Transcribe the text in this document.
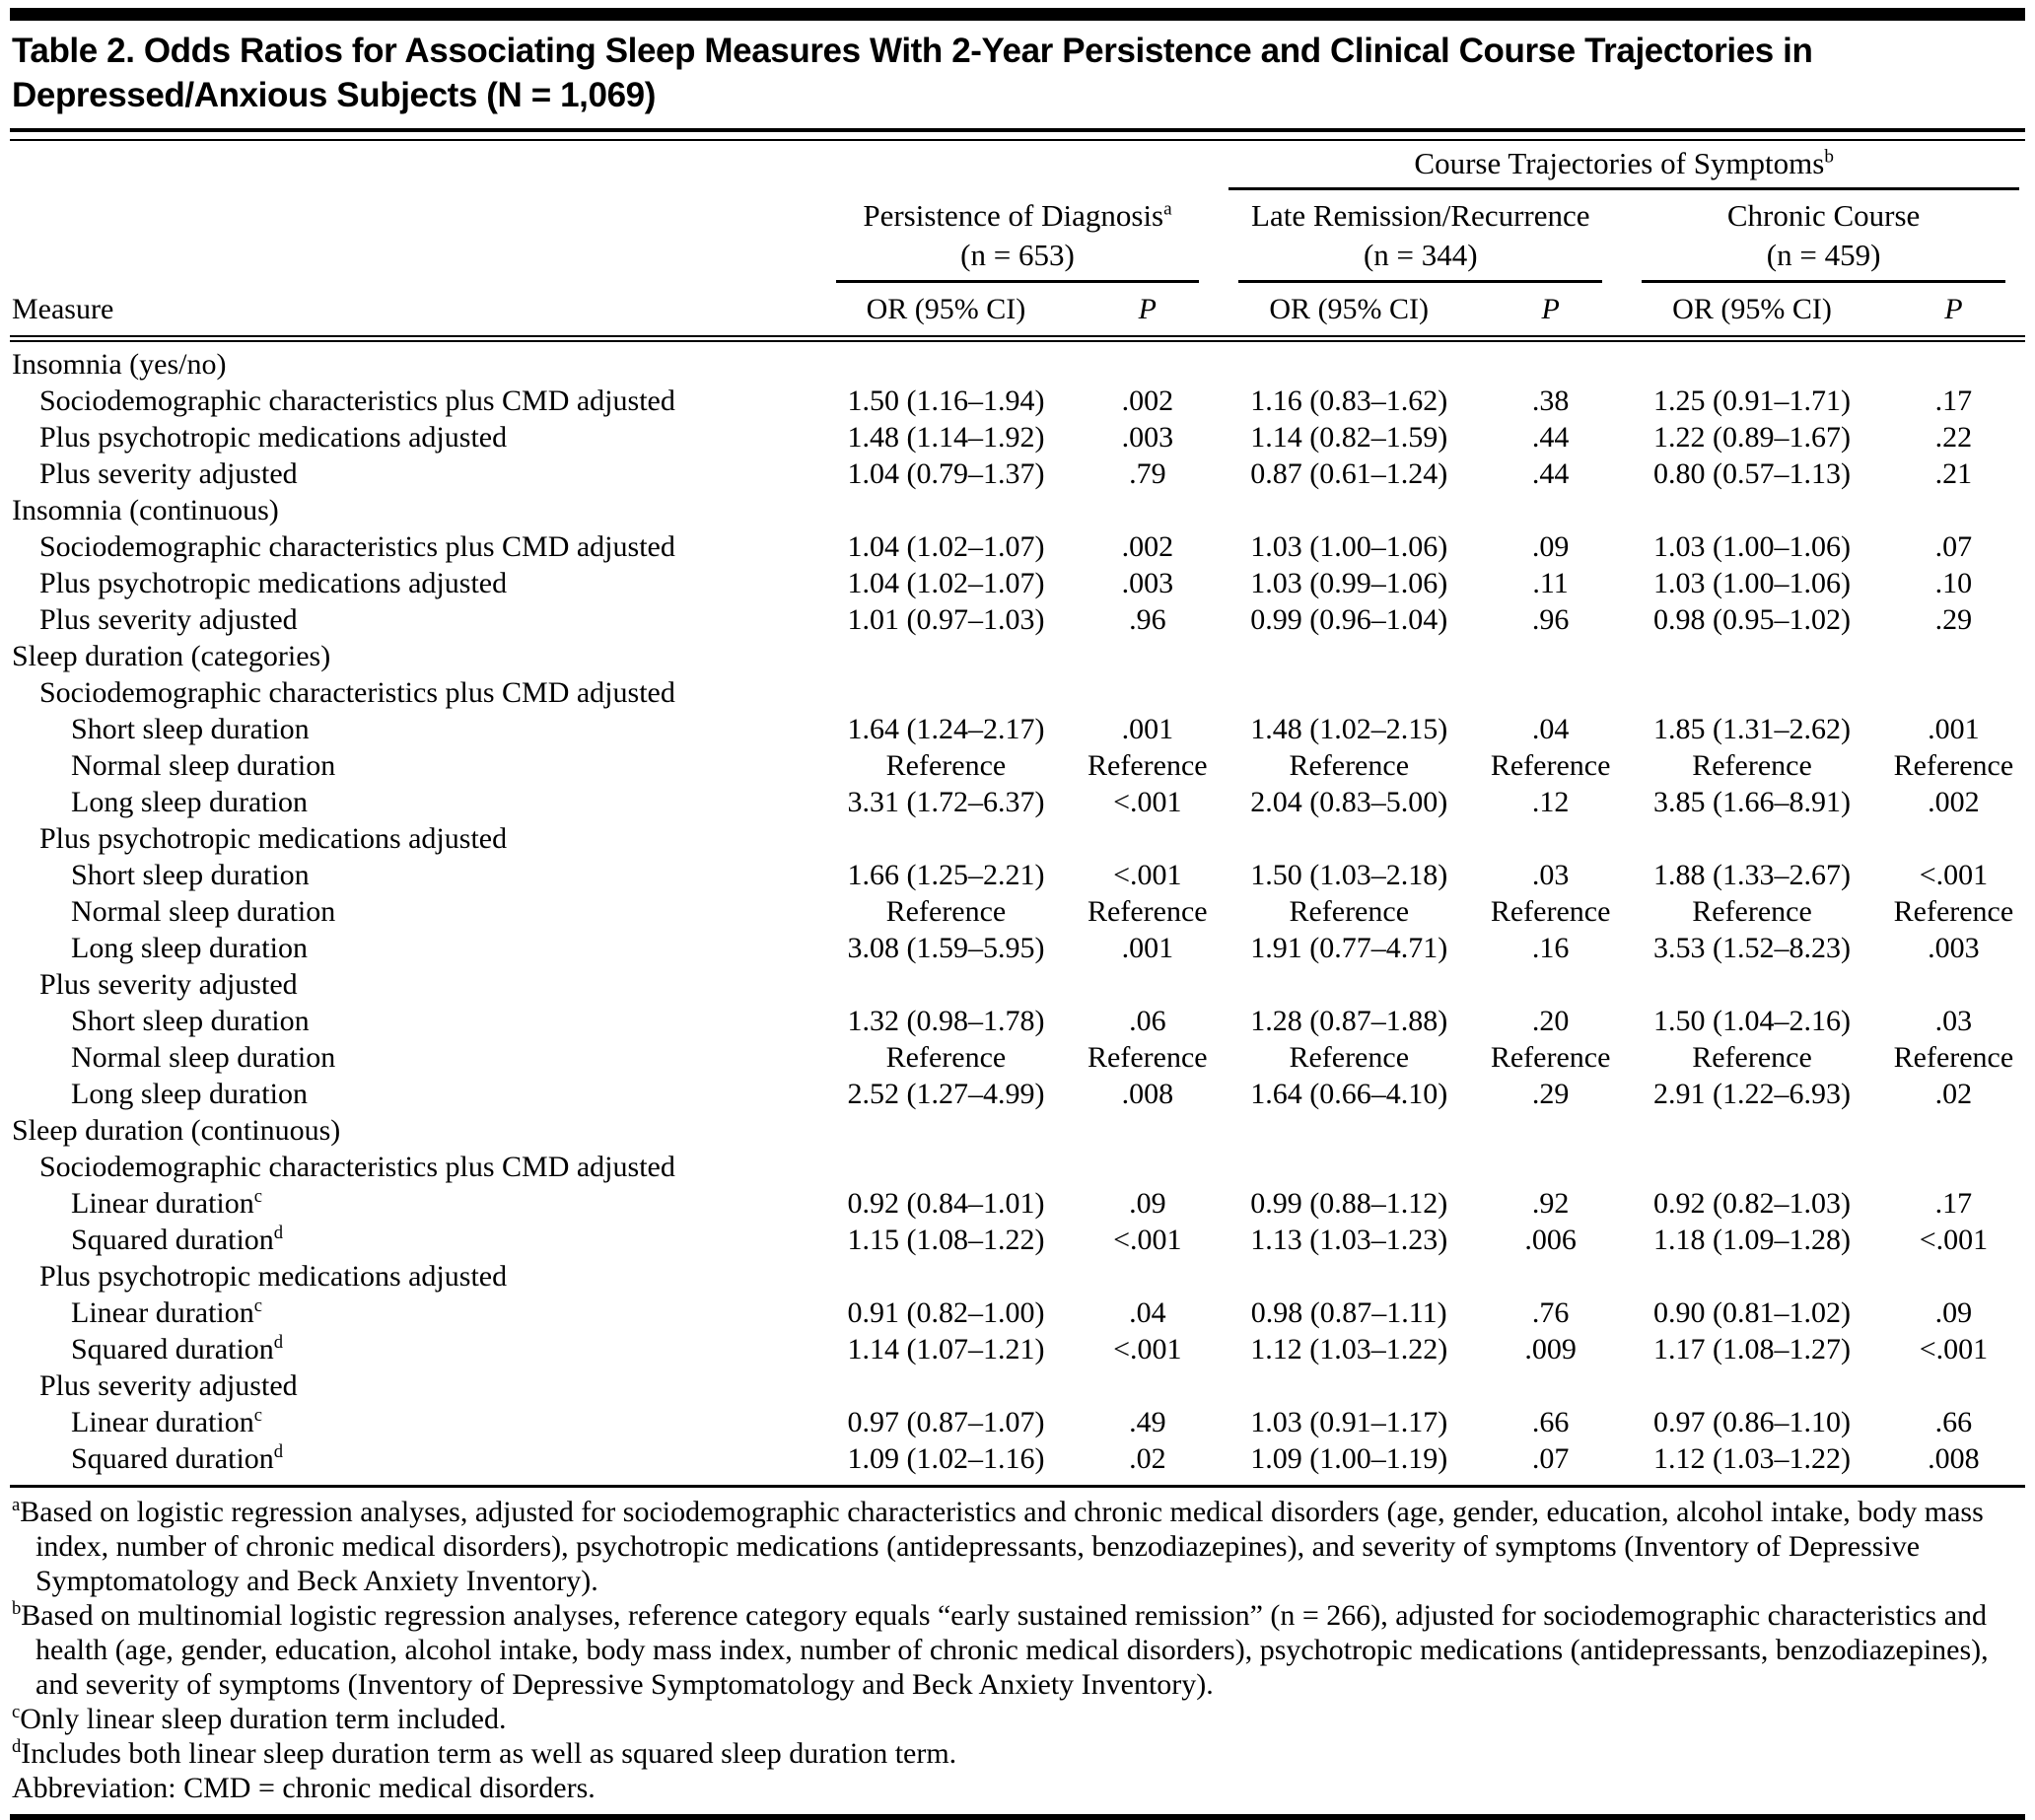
Table 2. Odds Ratios for Associating Sleep Measures With 2-Year Persistence and Clinical Course Trajectories in
Depressed/Anxious Subjects (N = 1,069)

			Course Trajectories of Symptoms$^b$

	Persistence of Diagnosis$^a$
(n = 653)		Late Remission/Recurrence
(n = 344)		Chronic Course
(n = 459)	

Measure	OR (95% CI)	P	OR (95% CI)	P	OR (95% CI)	P
Insomnia (yes/no)						
Sociodemographic characteristics plus CMD adjusted	1.50 (1.16–1.94)	.002	1.16 (0.83–1.62)	.38	1.25 (0.91–1.71)	.17
Plus psychotropic medications adjusted	1.48 (1.14–1.92)	.003	1.14 (0.82–1.59)	.44	1.22 (0.89–1.67)	.22
Plus severity adjusted	1.04 (0.79–1.37)	.79	0.87 (0.61–1.24)	.44	0.80 (0.57–1.13)	.21
Insomnia (continuous)						
Sociodemographic characteristics plus CMD adjusted	1.04 (1.02–1.07)	.002	1.03 (1.00–1.06)	.09	1.03 (1.00–1.06)	.07
Plus psychotropic medications adjusted	1.04 (1.02–1.07)	.003	1.03 (0.99–1.06)	.11	1.03 (1.00–1.06)	.10
Plus severity adjusted	1.01 (0.97–1.03)	.96	0.99 (0.96–1.04)	.96	0.98 (0.95–1.02)	.29
Sleep duration (categories)						
Sociodemographic characteristics plus CMD adjusted						
Short sleep duration	1.64 (1.24–2.17)	.001	1.48 (1.02–2.15)	.04	1.85 (1.31–2.62)	.001
Normal sleep duration	Reference	Reference	Reference	Reference	Reference	Reference
Long sleep duration	3.31 (1.72–6.37)	<.001	2.04 (0.83–5.00)	.12	3.85 (1.66–8.91)	.002
Plus psychotropic medications adjusted						
Short sleep duration	1.66 (1.25–2.21)	<.001	1.50 (1.03–2.18)	.03	1.88 (1.33–2.67)	<.001
Normal sleep duration	Reference	Reference	Reference	Reference	Reference	Reference
Long sleep duration	3.08 (1.59–5.95)	.001	1.91 (0.77–4.71)	.16	3.53 (1.52–8.23)	.003
Plus severity adjusted						
Short sleep duration	1.32 (0.98–1.78)	.06	1.28 (0.87–1.88)	.20	1.50 (1.04–2.16)	.03
Normal sleep duration	Reference	Reference	Reference	Reference	Reference	Reference
Long sleep duration	2.52 (1.27–4.99)	.008	1.64 (0.66–4.10)	.29	2.91 (1.22–6.93)	.02
Sleep duration (continuous)						
Sociodemographic characteristics plus CMD adjusted						
Linear duration$^c$	0.92 (0.84–1.01)	.09	0.99 (0.88–1.12)	.92	0.92 (0.82–1.03)	.17
Squared duration$^d$	1.15 (1.08–1.22)	<.001	1.13 (1.03–1.23)	.006	1.18 (1.09–1.28)	<.001
Plus psychotropic medications adjusted						
Linear duration$^c$	0.91 (0.82–1.00)	.04	0.98 (0.87–1.11)	.76	0.90 (0.81–1.02)	.09
Squared duration$^d$	1.14 (1.07–1.21)	<.001	1.12 (1.03–1.22)	.009	1.17 (1.08–1.27)	<.001
Plus severity adjusted						
Linear duration$^c$	0.97 (0.87–1.07)	.49	1.03 (0.91–1.17)	.66	0.97 (0.86–1.10)	.66
Squared duration$^d$	1.09 (1.02–1.16)	.02	1.09 (1.00–1.19)	.07	1.12 (1.03–1.22)	.008
$^a$Based on logistic regression analyses, adjusted for sociodemographic characteristics and chronic medical disorders (age, gender, education, alcohol intake, body mass index, number of chronic medical disorders), psychotropic medications (antidepressants, benzodiazepines), and severity of symptoms (Inventory of Depressive Symptomatology and Beck Anxiety Inventory).
$^b$Based on multinomial logistic regression analyses, reference category equals “early sustained remission” (n = 266), adjusted for sociodemographic characteristics and health (age, gender, education, alcohol intake, body mass index, number of chronic medical disorders), psychotropic medications (antidepressants, benzodiazepines), and severity of symptoms (Inventory of Depressive Symptomatology and Beck Anxiety Inventory).
$^c$Only linear sleep duration term included.
$^d$Includes both linear sleep duration term as well as squared sleep duration term.
Abbreviation: CMD = chronic medical disorders.
